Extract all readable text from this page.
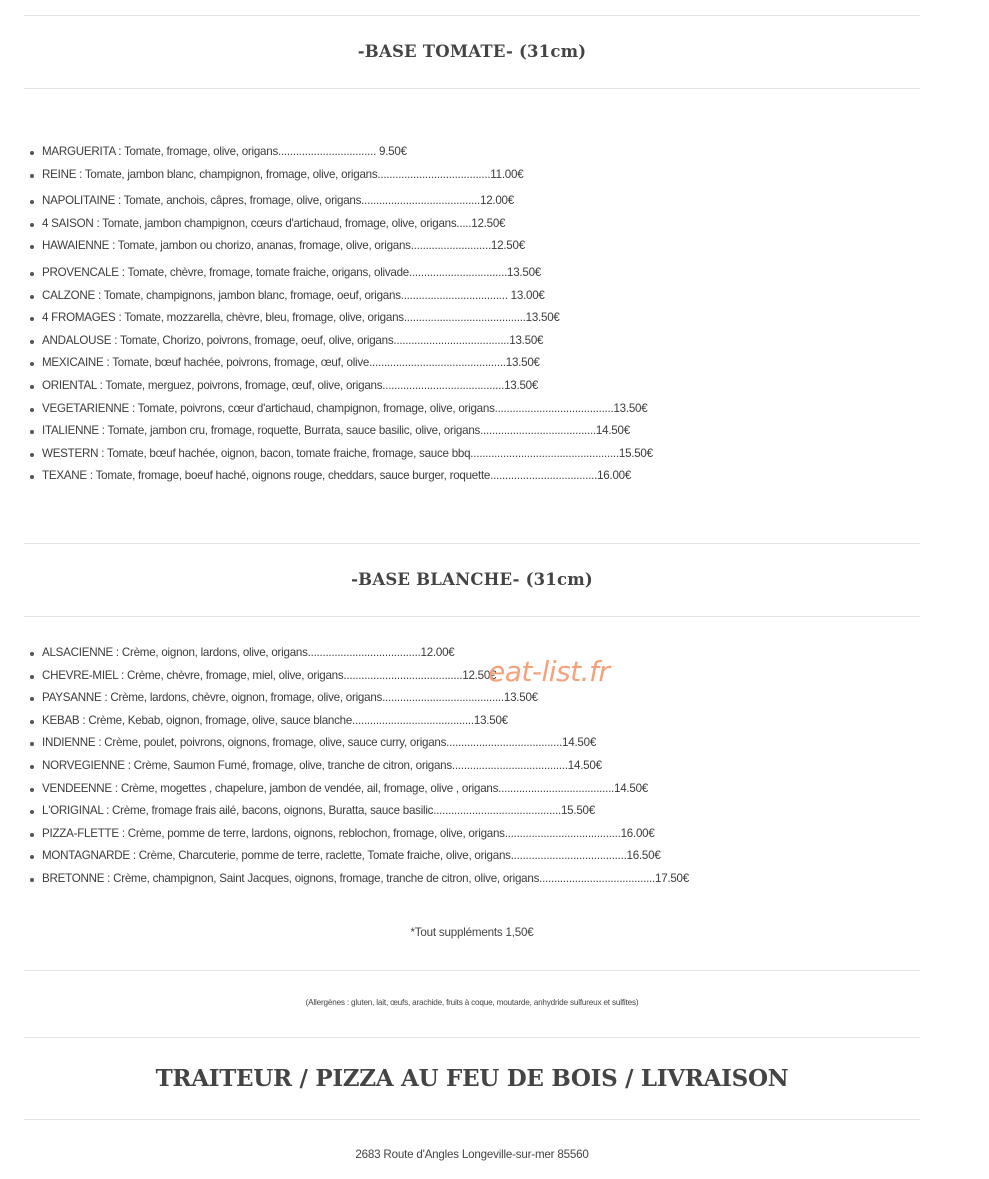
-BASE TOMATE- (31cm)
MARGUERITA : Tomate, fromage, olive, origans................................. 9.50€
REINE : Tomate, jambon blanc, champignon, fromage, olive, origans......................................11.00€
NAPOLITAINE : Tomate, anchois, câpres, fromage, olive, origans........................................12.00€
4 SAISON : Tomate, jambon champignon, cœurs d'artichaud, fromage, olive, origans.....12.50€
HAWAIENNE : Tomate, jambon ou chorizo, ananas, fromage, olive, origans...........................12.50€
PROVENCALE : Tomate, chèvre, fromage, tomate fraiche, origans, olivade.................................13.50€
CALZONE : Tomate, champignons, jambon blanc, fromage, oeuf, origans.................................... 13.00€
4 FROMAGES : Tomate, mozzarella, chèvre, bleu, fromage, olive, origans.........................................13.50€
ANDALOUSE : Tomate, Chorizo, poivrons, fromage, oeuf, olive, origans.......................................13.50€
MEXICAINE : Tomate, bœuf hachée, poivrons, fromage, œuf, olive..............................................13.50€
ORIENTAL : Tomate, merguez, poivrons, fromage, œuf, olive, origans.........................................13.50€
VEGETARIENNE : Tomate, poivrons, cœur d'artichaud, champignon, fromage, olive, origans........................................13.50€
ITALIENNE : Tomate, jambon cru, fromage, roquette, Burrata, sauce basilic, olive, origans.......................................14.50€
WESTERN : Tomate, bœuf hachée, oignon, bacon, tomate fraiche, fromage, sauce bbq..................................................15.50€
TEXANE : Tomate, fromage, boeuf haché, oignons rouge, cheddars, sauce burger, roquette....................................16.00€
-BASE BLANCHE- (31cm)
ALSACIENNE : Crème, oignon, lardons, olive, origans......................................12.00€
CHEVRE-MIEL : Crème, chèvre, fromage, miel, olive, origans........................................12.50€
PAYSANNE : Crème, lardons, chèvre, oignon, fromage, olive, origans.........................................13.50€
KEBAB : Crème, Kebab, oignon, fromage, olive, sauce blanche.........................................13.50€
INDIENNE : Crème, poulet, poivrons, oignons, fromage, olive, sauce curry, origans.......................................14.50€
NORVEGIENNE : Crème, Saumon Fumé, fromage, olive, tranche de citron, origans.......................................14.50€
VENDEENNE : Crème, mogettes , chapelure, jambon de vendée, ail, fromage, olive , origans.......................................14.50€
L'ORIGINAL : Crème, fromage frais ailé, bacons, oignons, Buratta, sauce basilic...........................................15.50€
PIZZA-FLETTE : Crème, pomme de terre, lardons, oignons, reblochon, fromage, olive, origans.......................................16.00€
MONTAGNARDE : Crème, Charcuterie, pomme de terre, raclette, Tomate fraiche, olive, origans.......................................16.50€
BRETONNE : Crème, champignon, Saint Jacques, oignons, fromage, tranche de citron, olive, origans.......................................17.50€
eat-list.fr
*Tout suppléments 1,50€
(Allergènes : gluten, lait, œufs, arachide, fruits à coque, moutarde, anhydride sulfureux et sulfites)
TRAITEUR / PIZZA AU FEU DE BOIS / LIVRAISON
2683 Route d'Angles Longeville-sur-mer 85560
